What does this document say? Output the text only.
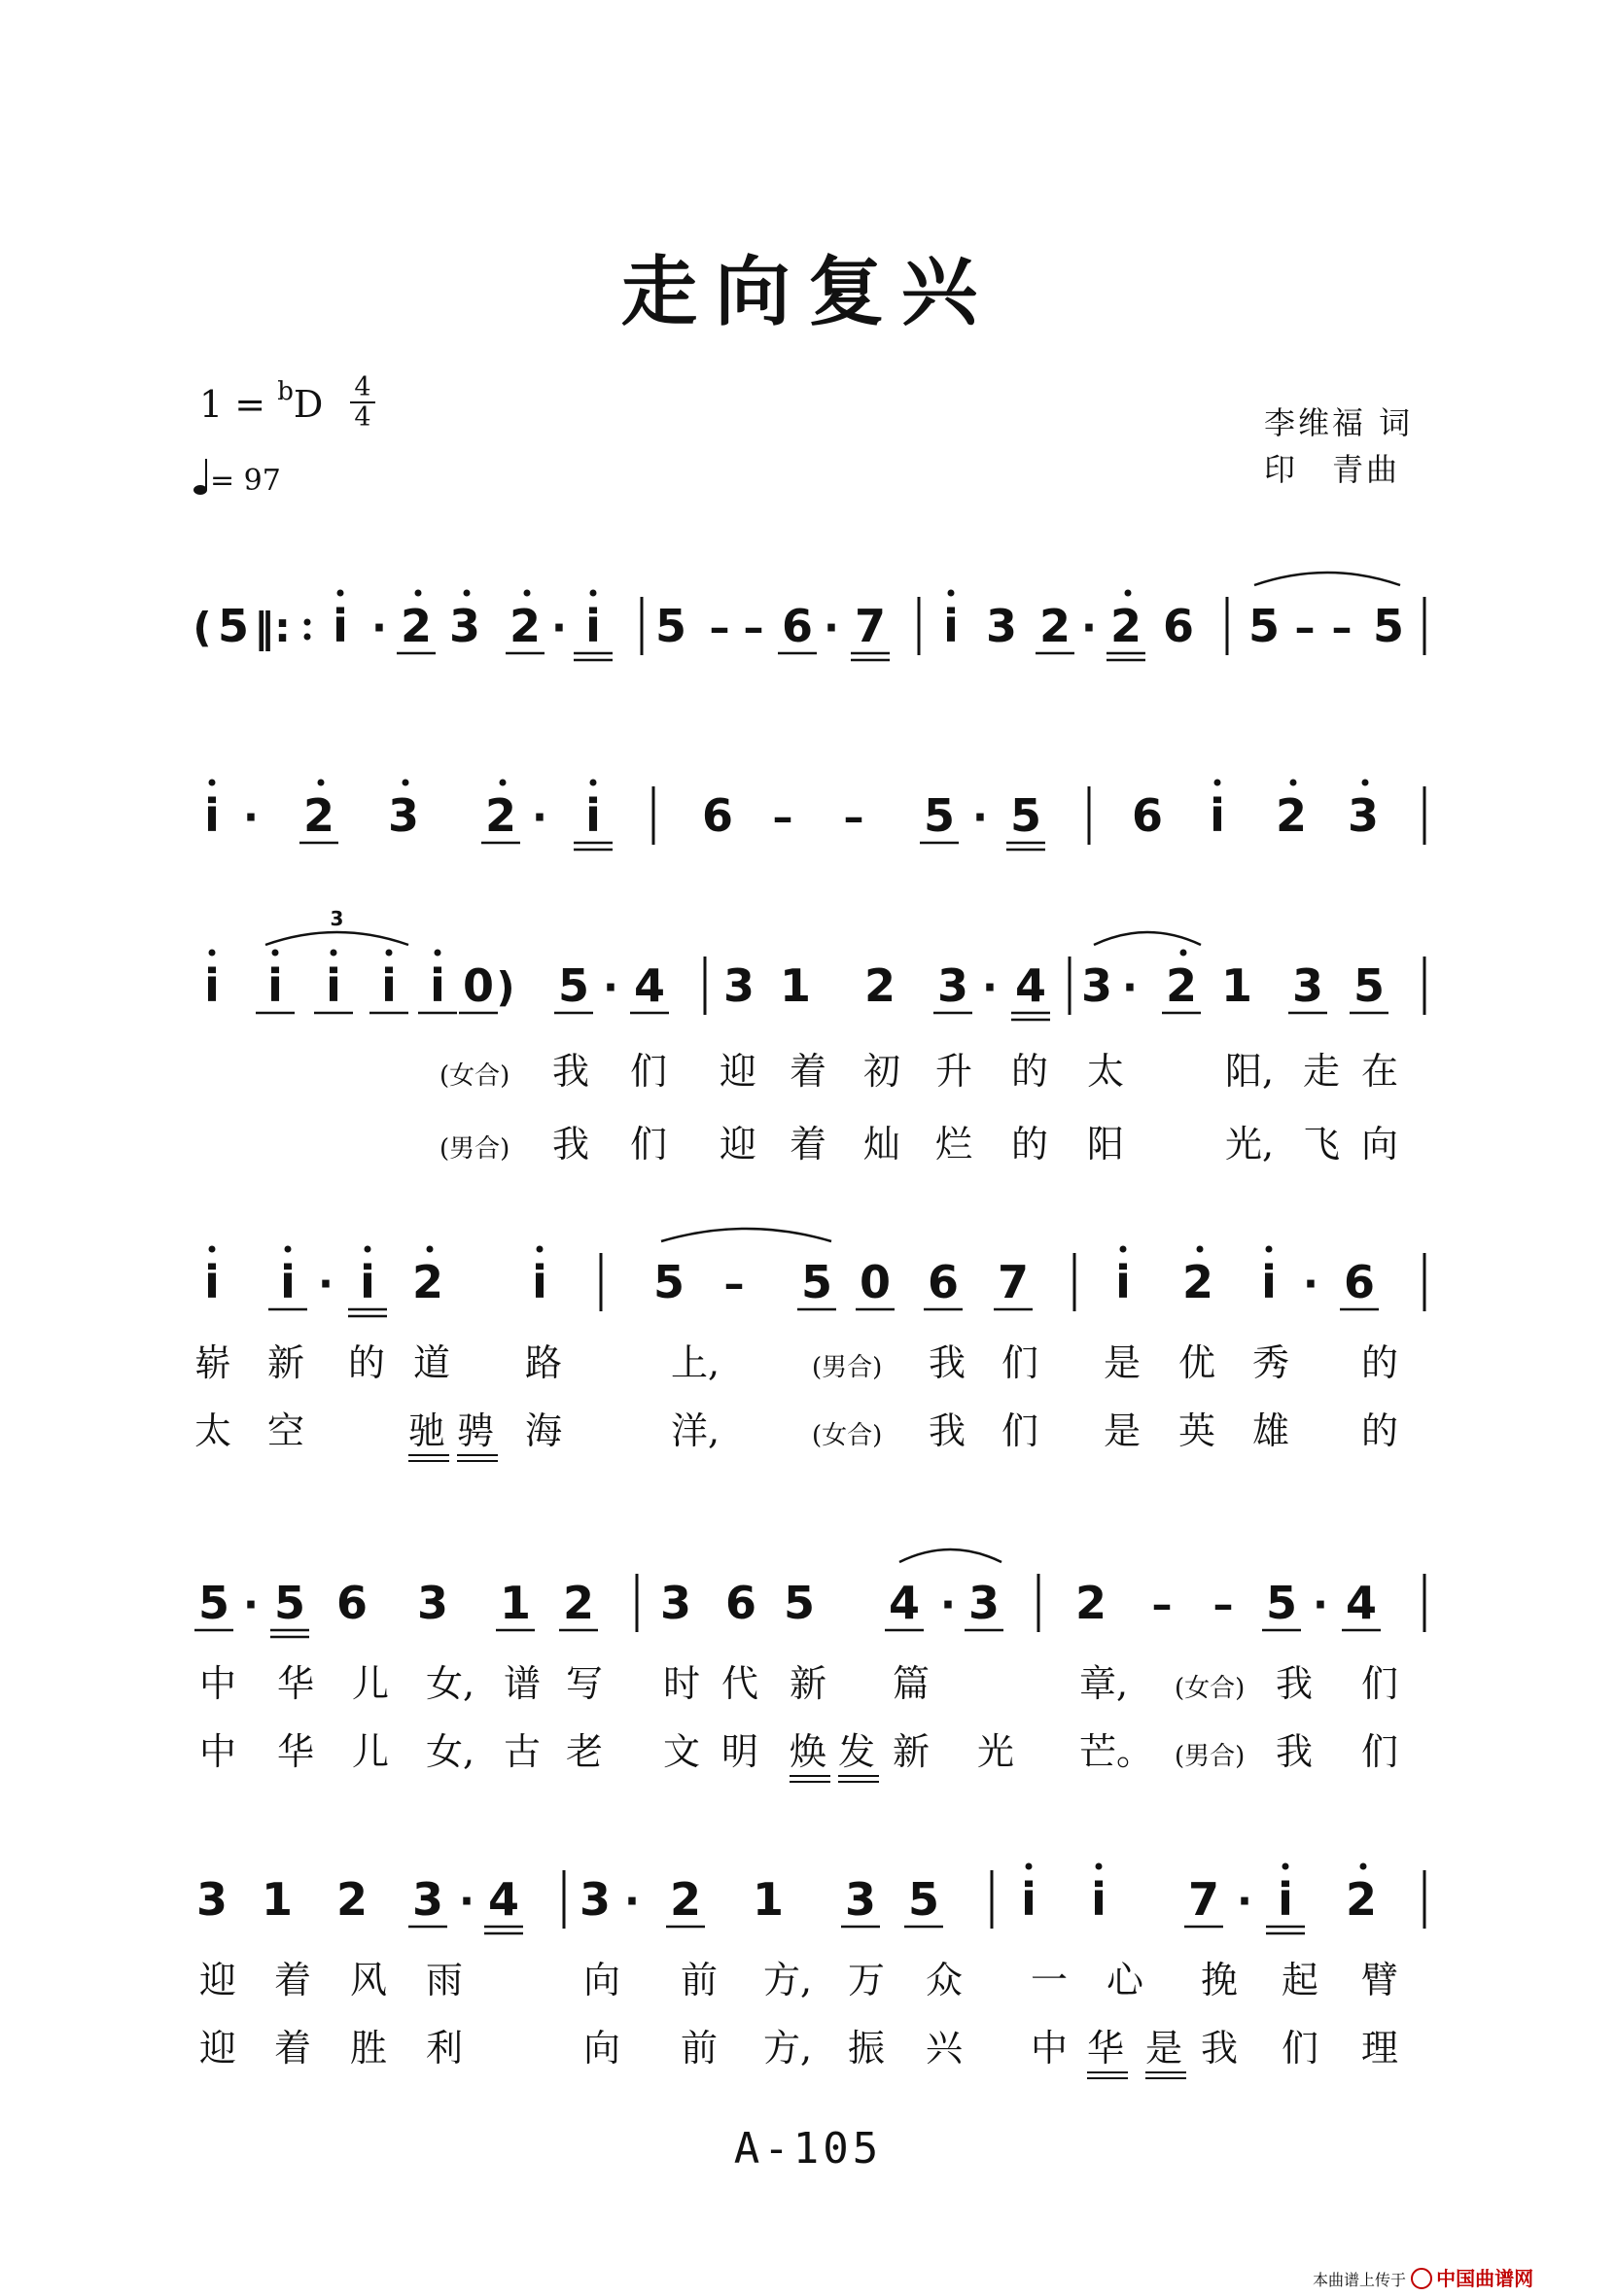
走向复兴
1 = $^b$D 4
4
= 97
李维福 词
印　青曲
( 5 ‖: i · 2 3 2 · i 5 – – 6 · 7 i 3 2 · 2 6 5 – – 5
i · 2 3 2 · i 6 – – 5 · 5 6 i 2 3
i i i i i 0 ) 5 · 4 3 1 2 3 · 4 3 · 2 1 3 5
3
(女合) 我 们 迎 着 初 升 的 太	阳, 走 在
(男合) 我 们 迎 着 灿 烂 的 阳	光, 飞 向
i i · i 2 i 5 – 5 0 6 7 i 2 i · 6
崭 新 的 道 路	上,	(男合) 我 们 是 优 秀 的
太 空	驰 骋 海	洋,	(女合) 我 们 是 英 雄 的
5 · 5 6 3 1 2 3 6 5 4 · 3 2 – – 5 · 4
中 华 儿 女, 谱 写 时 代 新 篇	章, (女合) 我 们
中 华 儿 女, 古 老 文 明 焕 发 新 光 芒。 (男合) 我 们
3 1 2 3 · 4 3 · 2 1 3 5 i i 7 · i 2
迎 着 风 雨	向 前 方, 万 众 一 心 挽 起 臂
迎 着 胜 利	向 前 方, 振 兴 中 华 是 我 们 理
A-105
本曲谱上传于 中国曲谱网
